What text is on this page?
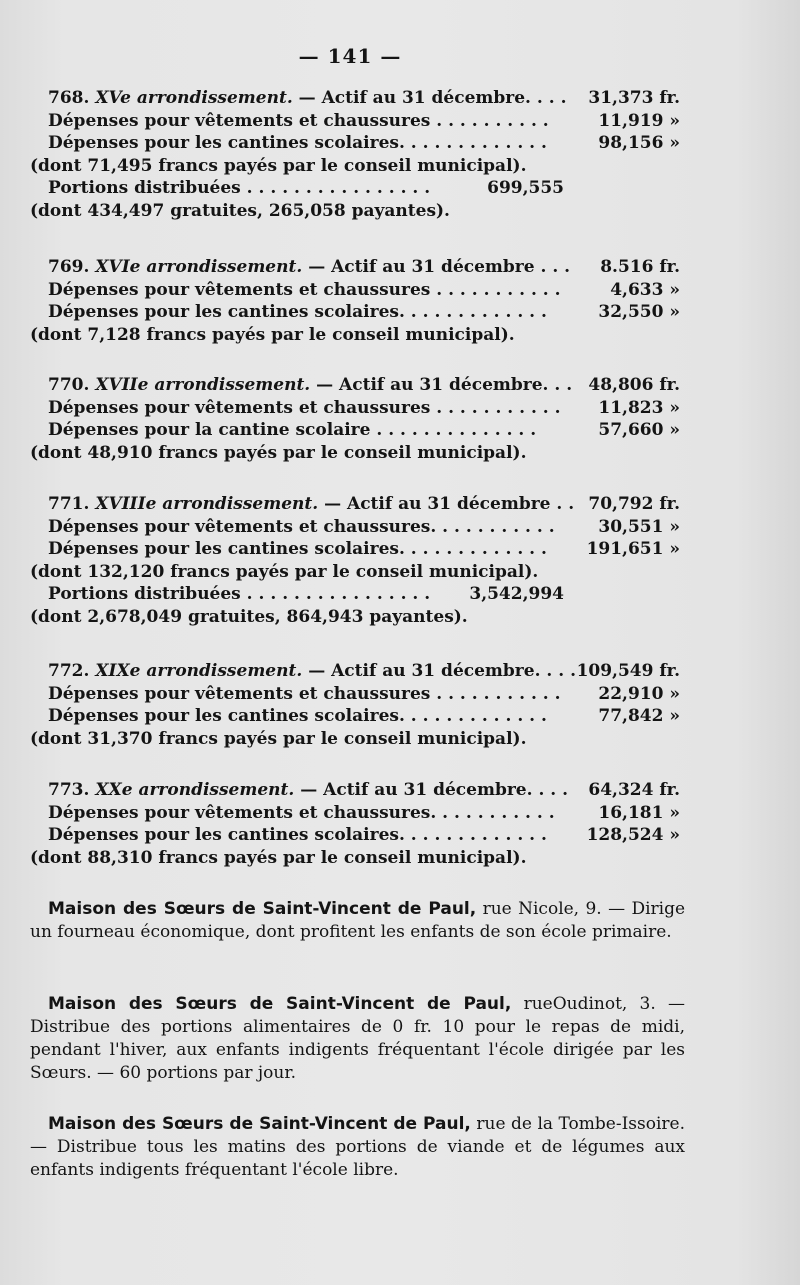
— 141 —
768. XVe arrondissement. — Actif au 31 décembre. . . . 31,373 fr.
Dépenses pour vêtements et chaussures . . . . . . . . . .	11,919 »
Dépenses pour les cantines scolaires. . . . . . . . . . . . .	98,156 »
(dont 71,495 francs payés par le conseil municipal).
Portions distribuées . . . . . . . . . . . . . . . .	699,555
(dont 434,497 gratuites, 265,058 payantes).
769. XVIe arrondissement. — Actif au 31 décembre . . . 8.516 fr.
Dépenses pour vêtements et chaussures . . . . . . . . . . .	4,633 »
Dépenses pour les cantines scolaires. . . . . . . . . . . . .	32,550 »
(dont 7,128 francs payés par le conseil municipal).
770. XVIIe arrondissement. — Actif au 31 décembre. . . 48,806 fr.
Dépenses pour vêtements et chaussures . . . . . . . . . . . 11,823 »
Dépenses pour la cantine scolaire . . . . . . . . . . . . . .	57,660 »
(dont 48,910 francs payés par le conseil municipal).
771. XVIIIe arrondissement. — Actif au 31 décembre . . 70,792 fr.
Dépenses pour vêtements et chaussures. . . . . . . . . . .	30,551 »
Dépenses pour les cantines scolaires. . . . . . . . . . . . . 191,651 »
(dont 132,120 francs payés par le conseil municipal).
Portions distribuées . . . . . . . . . . . . . . . . 3,542,994
(dont 2,678,049 gratuites, 864,943 payantes).
772. XIXe arrondissement. — Actif au 31 décembre. . . . 109,549 fr.
Dépenses pour vêtements et chaussures . . . . . . . . . . . 22,910 »
Dépenses pour les cantines scolaires. . . . . . . . . . . . .	77,842 »
(dont 31,370 francs payés par le conseil municipal).
773. XXe arrondissement. — Actif au 31 décembre. . . . 64,324 fr.
Dépenses pour vêtements et chaussures. . . . . . . . . . .	16,181 »
Dépenses pour les cantines scolaires. . . . . . . . . . . . . 128,524 »
(dont 88,310 francs payés par le conseil municipal).
Maison des Sœurs de Saint-Vincent de Paul, rue Nicole, 9. — Dirige un fourneau économique, dont profitent les enfants de son école primaire.
Maison des Sœurs de Saint-Vincent de Paul, rueOudinot, 3. — Distribue des portions alimentaires de 0 fr. 10 pour le repas de midi, pendant l'hiver, aux enfants indigents fréquentant l'école dirigée par les Sœurs. — 60 portions par jour.
Maison des Sœurs de Saint-Vincent de Paul, rue de la Tombe-Issoire. — Distribue tous les matins des portions de viande et de légumes aux enfants indigents fréquentant l'école libre.
